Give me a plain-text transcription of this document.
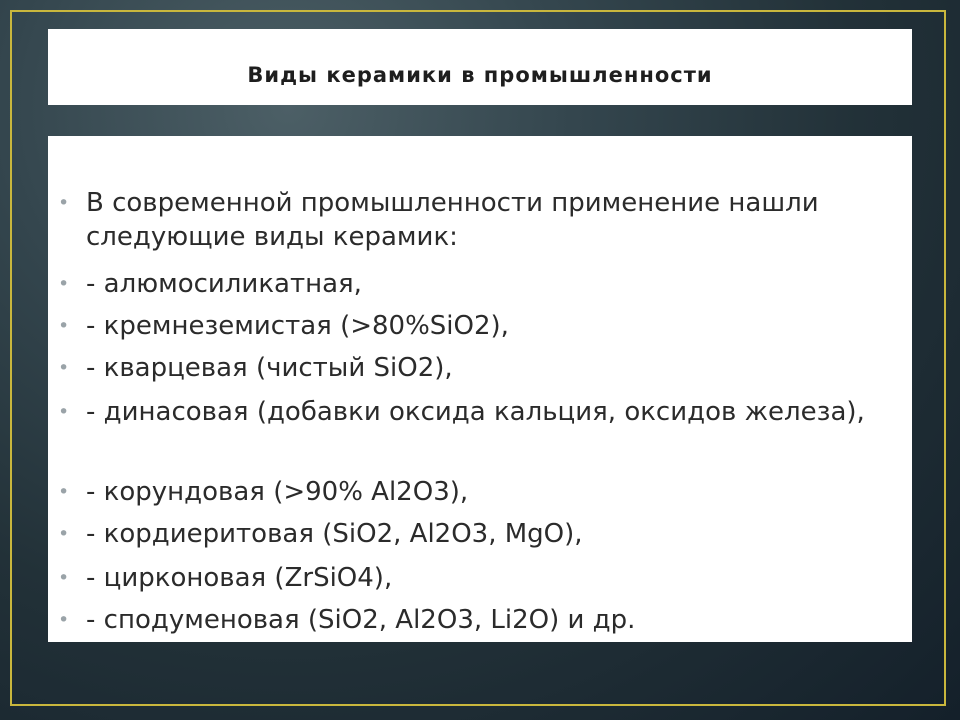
Виды керамики в промышленности
• В современной промышленности применение нашли следующие виды керамик:
• - алюмосиликатная,
• - кремнеземистая (>80%SiO2),
• - кварцевая (чистый SiO2),
• - динасовая (добавки оксида кальция, оксидов железа),
• - корундовая (>90% Al2O3),
• - кордиеритовая (SiO2, Al2O3, MgO),
• - цирконовая (ZrSiO4),
• - сподуменовая (SiO2, Al2O3, Li2O) и др.
